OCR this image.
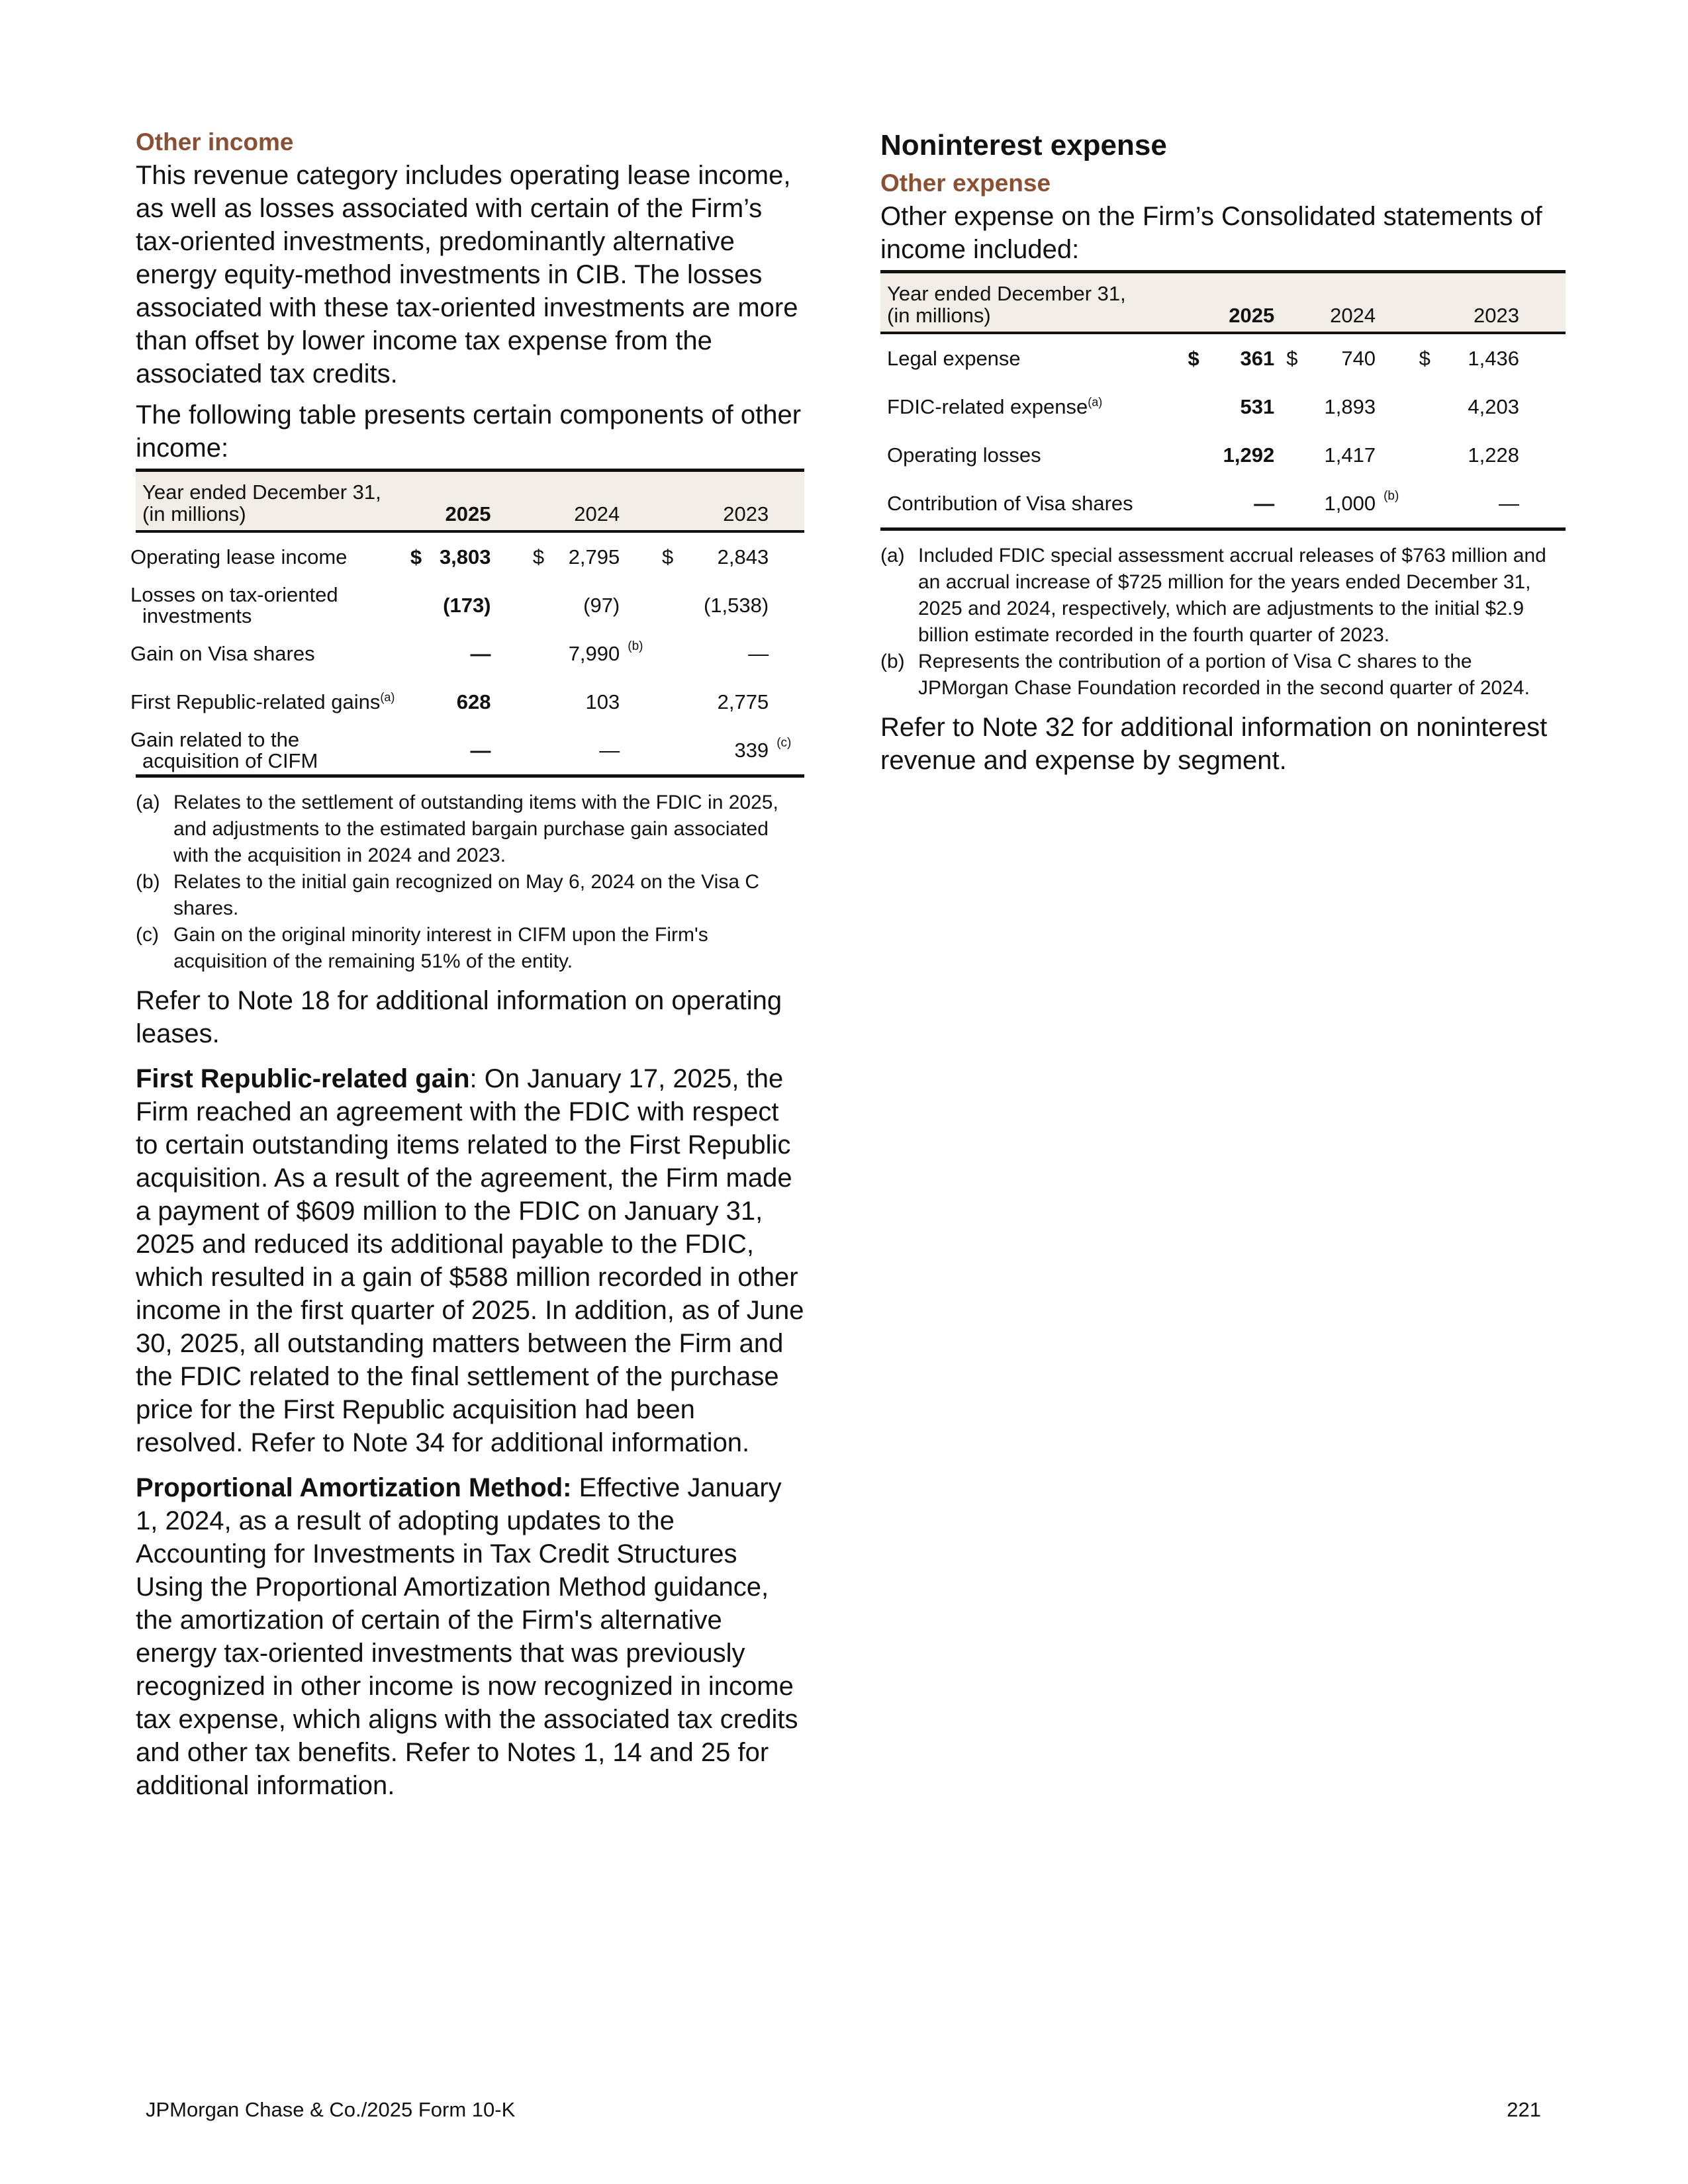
Other income

This revenue category includes operating lease income, as well as losses associated with certain of the Firm’s tax-oriented investments, predominantly alternative energy equity-method investments in CIB. The losses associated with these tax-oriented investments are more than offset by lower income tax expense from the associated tax credits.

The following table presents certain components of other income:

Year ended December 31,
(in millions)	2025			2024			2023		
Operating lease income	$	3,803		$	2,795		$	2,843	
Losses on tax-oriented investments		(173)			(97)			(1,538)	
Gain on Visa shares		—			7,990	(b)		—	
First Republic-related gains$^{(a)}$		628			103			2,775	
Gain related to the acquisition of CIFM		—			—			339	(c)
(a) Relates to the settlement of outstanding items with the FDIC in 2025, and adjustments to the estimated bargain purchase gain associated with the acquisition in 2024 and 2023.
(b) Relates to the initial gain recognized on May 6, 2024 on the Visa C shares.
(c) Gain on the original minority interest in CIFM upon the Firm's acquisition of the remaining 51% of the entity.

Refer to Note 18 for additional information on operating leases.

First Republic-related gain: On January 17, 2025, the Firm reached an agreement with the FDIC with respect to certain outstanding items related to the First Republic acquisition. As a result of the agreement, the Firm made a payment of $609 million to the FDIC on January 31, 2025 and reduced its additional payable to the FDIC, which resulted in a gain of $588 million recorded in other income in the first quarter of 2025. In addition, as of June 30, 2025, all outstanding matters between the Firm and the FDIC related to the final settlement of the purchase price for the First Republic acquisition had been resolved. Refer to Note 34 for additional information.

Proportional Amortization Method: Effective January 1, 2024, as a result of adopting updates to the Accounting for Investments in Tax Credit Structures Using the Proportional Amortization Method guidance, the amortization of certain of the Firm's alternative energy tax-oriented investments that was previously recognized in other income is now recognized in income tax expense, which aligns with the associated tax credits and other tax benefits. Refer to Notes 1, 14 and 25 for additional information.

Noninterest expense
Other expense

Other expense on the Firm’s Consolidated statements of income included:

Year ended December 31,
(in millions)	2025		2024			2023		
Legal expense	$	361	$	740		$	1,436	
FDIC-related expense$^{(a)}$		531		1,893			4,203	
Operating losses		1,292		1,417			1,228	
Contribution of Visa shares		—		1,000	(b)		—	
(a) Included FDIC special assessment accrual releases of $763 million and an accrual increase of $725 million for the years ended December 31, 2025 and 2024, respectively, which are adjustments to the initial $2.9 billion estimate recorded in the fourth quarter of 2023.
(b) Represents the contribution of a portion of Visa C shares to the JPMorgan Chase Foundation recorded in the second quarter of 2024.

Refer to Note 32 for additional information on noninterest revenue and expense by segment.

JPMorgan Chase & Co./2025 Form 10-K	221
